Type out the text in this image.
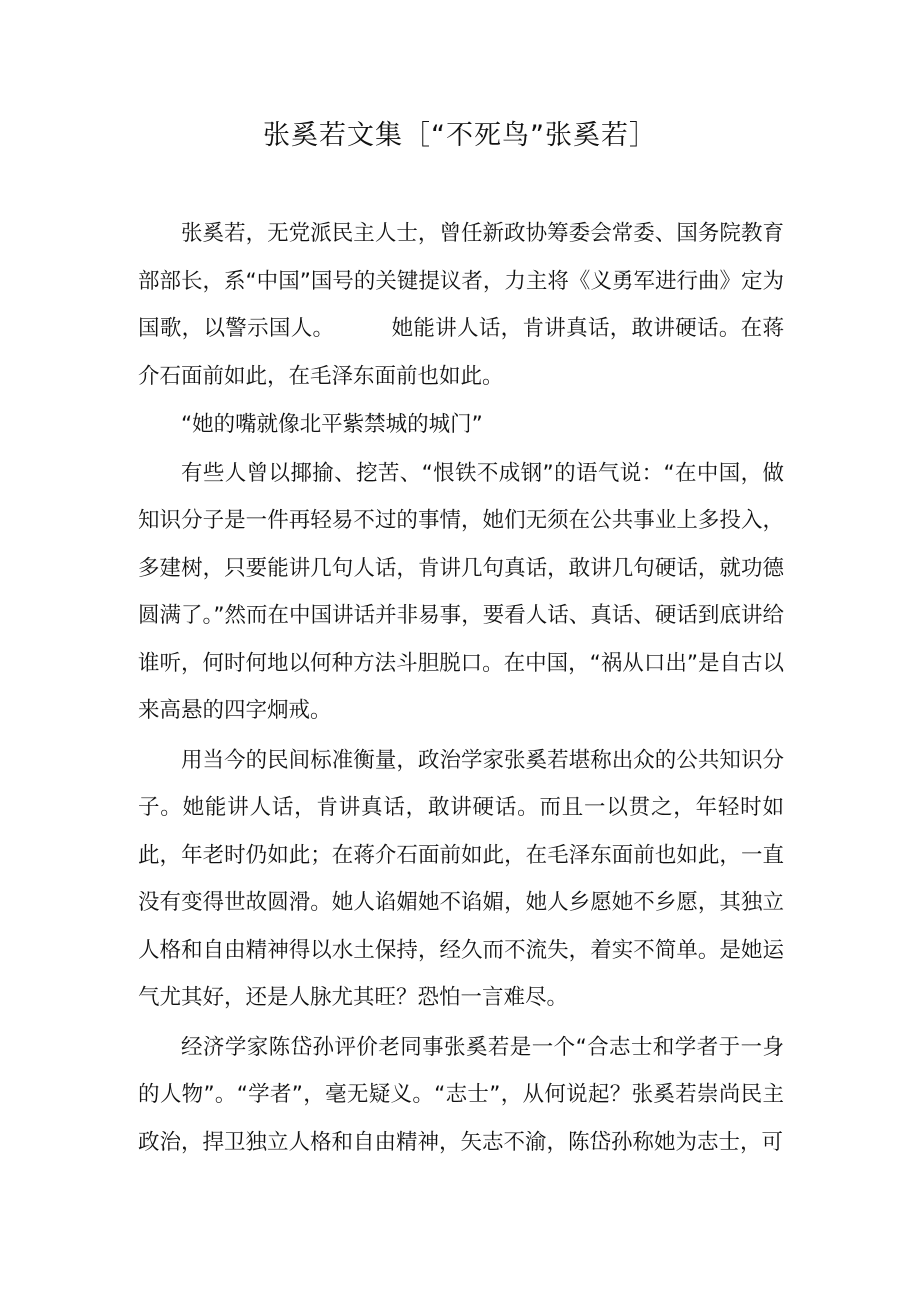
张奚若文集［“不死鸟”张奚若］

张奚若，无党派民主人士，曾任新政协筹委会常委、国务院教育部部长，系“中国”国号的关键提议者，力主将《义勇军进行曲》定为国歌，以警示国人。        她能讲人话，肯讲真话，敢讲硬话。在蒋介石面前如此，在毛泽东面前也如此。

“她的嘴就像北平紫禁城的城门”

有些人曾以揶揄、挖苦、“恨铁不成钢”的语气说：“在中国，做知识分子是一件再轻易不过的事情，她们无须在公共事业上多投入，多建树，只要能讲几句人话，肯讲几句真话，敢讲几句硬话，就功德圆满了。”然而在中国讲话并非易事，要看人话、真话、硬话到底讲给谁听，何时何地以何种方法斗胆脱口。在中国，“祸从口出”是自古以来高悬的四字炯戒。

用当今的民间标准衡量，政治学家张奚若堪称出众的公共知识分子。她能讲人话，肯讲真话，敢讲硬话。而且一以贯之，年轻时如此，年老时仍如此；在蒋介石面前如此，在毛泽东面前也如此，一直没有变得世故圆滑。她人谄媚她不谄媚，她人乡愿她不乡愿，其独立人格和自由精神得以水土保持，经久而不流失，着实不简单。是她运气尤其好，还是人脉尤其旺？恐怕一言难尽。

经济学家陈岱孙评价老同事张奚若是一个“合志士和学者于一身的人物”。“学者”，毫无疑义。“志士”，从何说起？张奚若崇尚民主政治，捍卫独立人格和自由精神，矢志不渝，陈岱孙称她为志士，可
